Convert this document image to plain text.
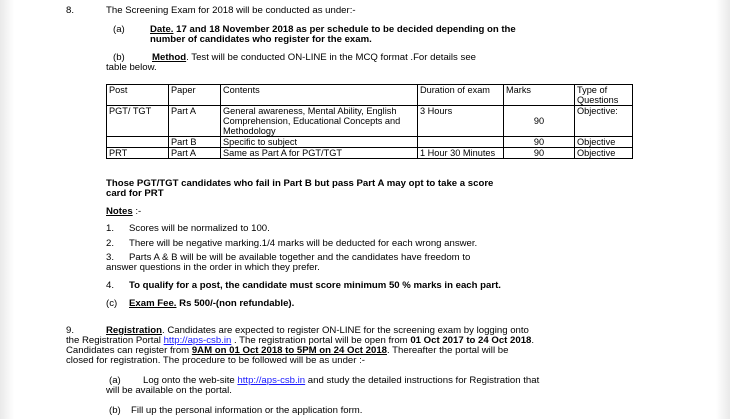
8.	The Screening Exam for 2018 will be conducted as under:-
(a)	Date. 17 and 18 November 2018 as per schedule to be decided depending on the
number of candidates who register for the exam.
(b)	Method. Test will be conducted ON-LINE in the MCQ format .For details see
table below.
Post	Paper	Contents	Duration of exam	Marks	Type of Questions
PGT/ TGT	Part A	General awareness, Mental Ability, English Comprehension, Educational Concepts and Methodology	3 Hours	90	Objective:
	Part B	Specific to subject		90	Objective
PRT	Part A	Same as Part A for PGT/TGT	1 Hour 30 Minutes	90	Objective
Those PGT/TGT candidates who fail in Part B but pass Part A may opt to take a score
card for PRT
Notes :-
1. Scores will be normalized to 100.
2. There will be negative marking.1/4 marks will be deducted for each wrong answer.
3. Parts A & B will be will be available together and the candidates have freedom to
answer questions in the order in which they prefer.
4. To qualify for a post, the candidate must score minimum 50 % marks in each part.
(c) Exam Fee. Rs 500/-(non refundable).
9.	Registration. Candidates are expected to register ON-LINE for the screening exam by logging onto
the Registration Portal http://aps-csb.in . The registration portal will be open from 01 Oct 2017 to 24 Oct 2018.
Candidates can register from 9AM on 01 Oct 2018 to 5PM on 24 Oct 2018. Thereafter the portal will be
closed for registration. The procedure to be followed will be as under :-
(a) Log onto the web-site http://aps-csb.in and study the detailed instructions for Registration that
will be available on the portal.
(b) Fill up the personal information or the application form.
